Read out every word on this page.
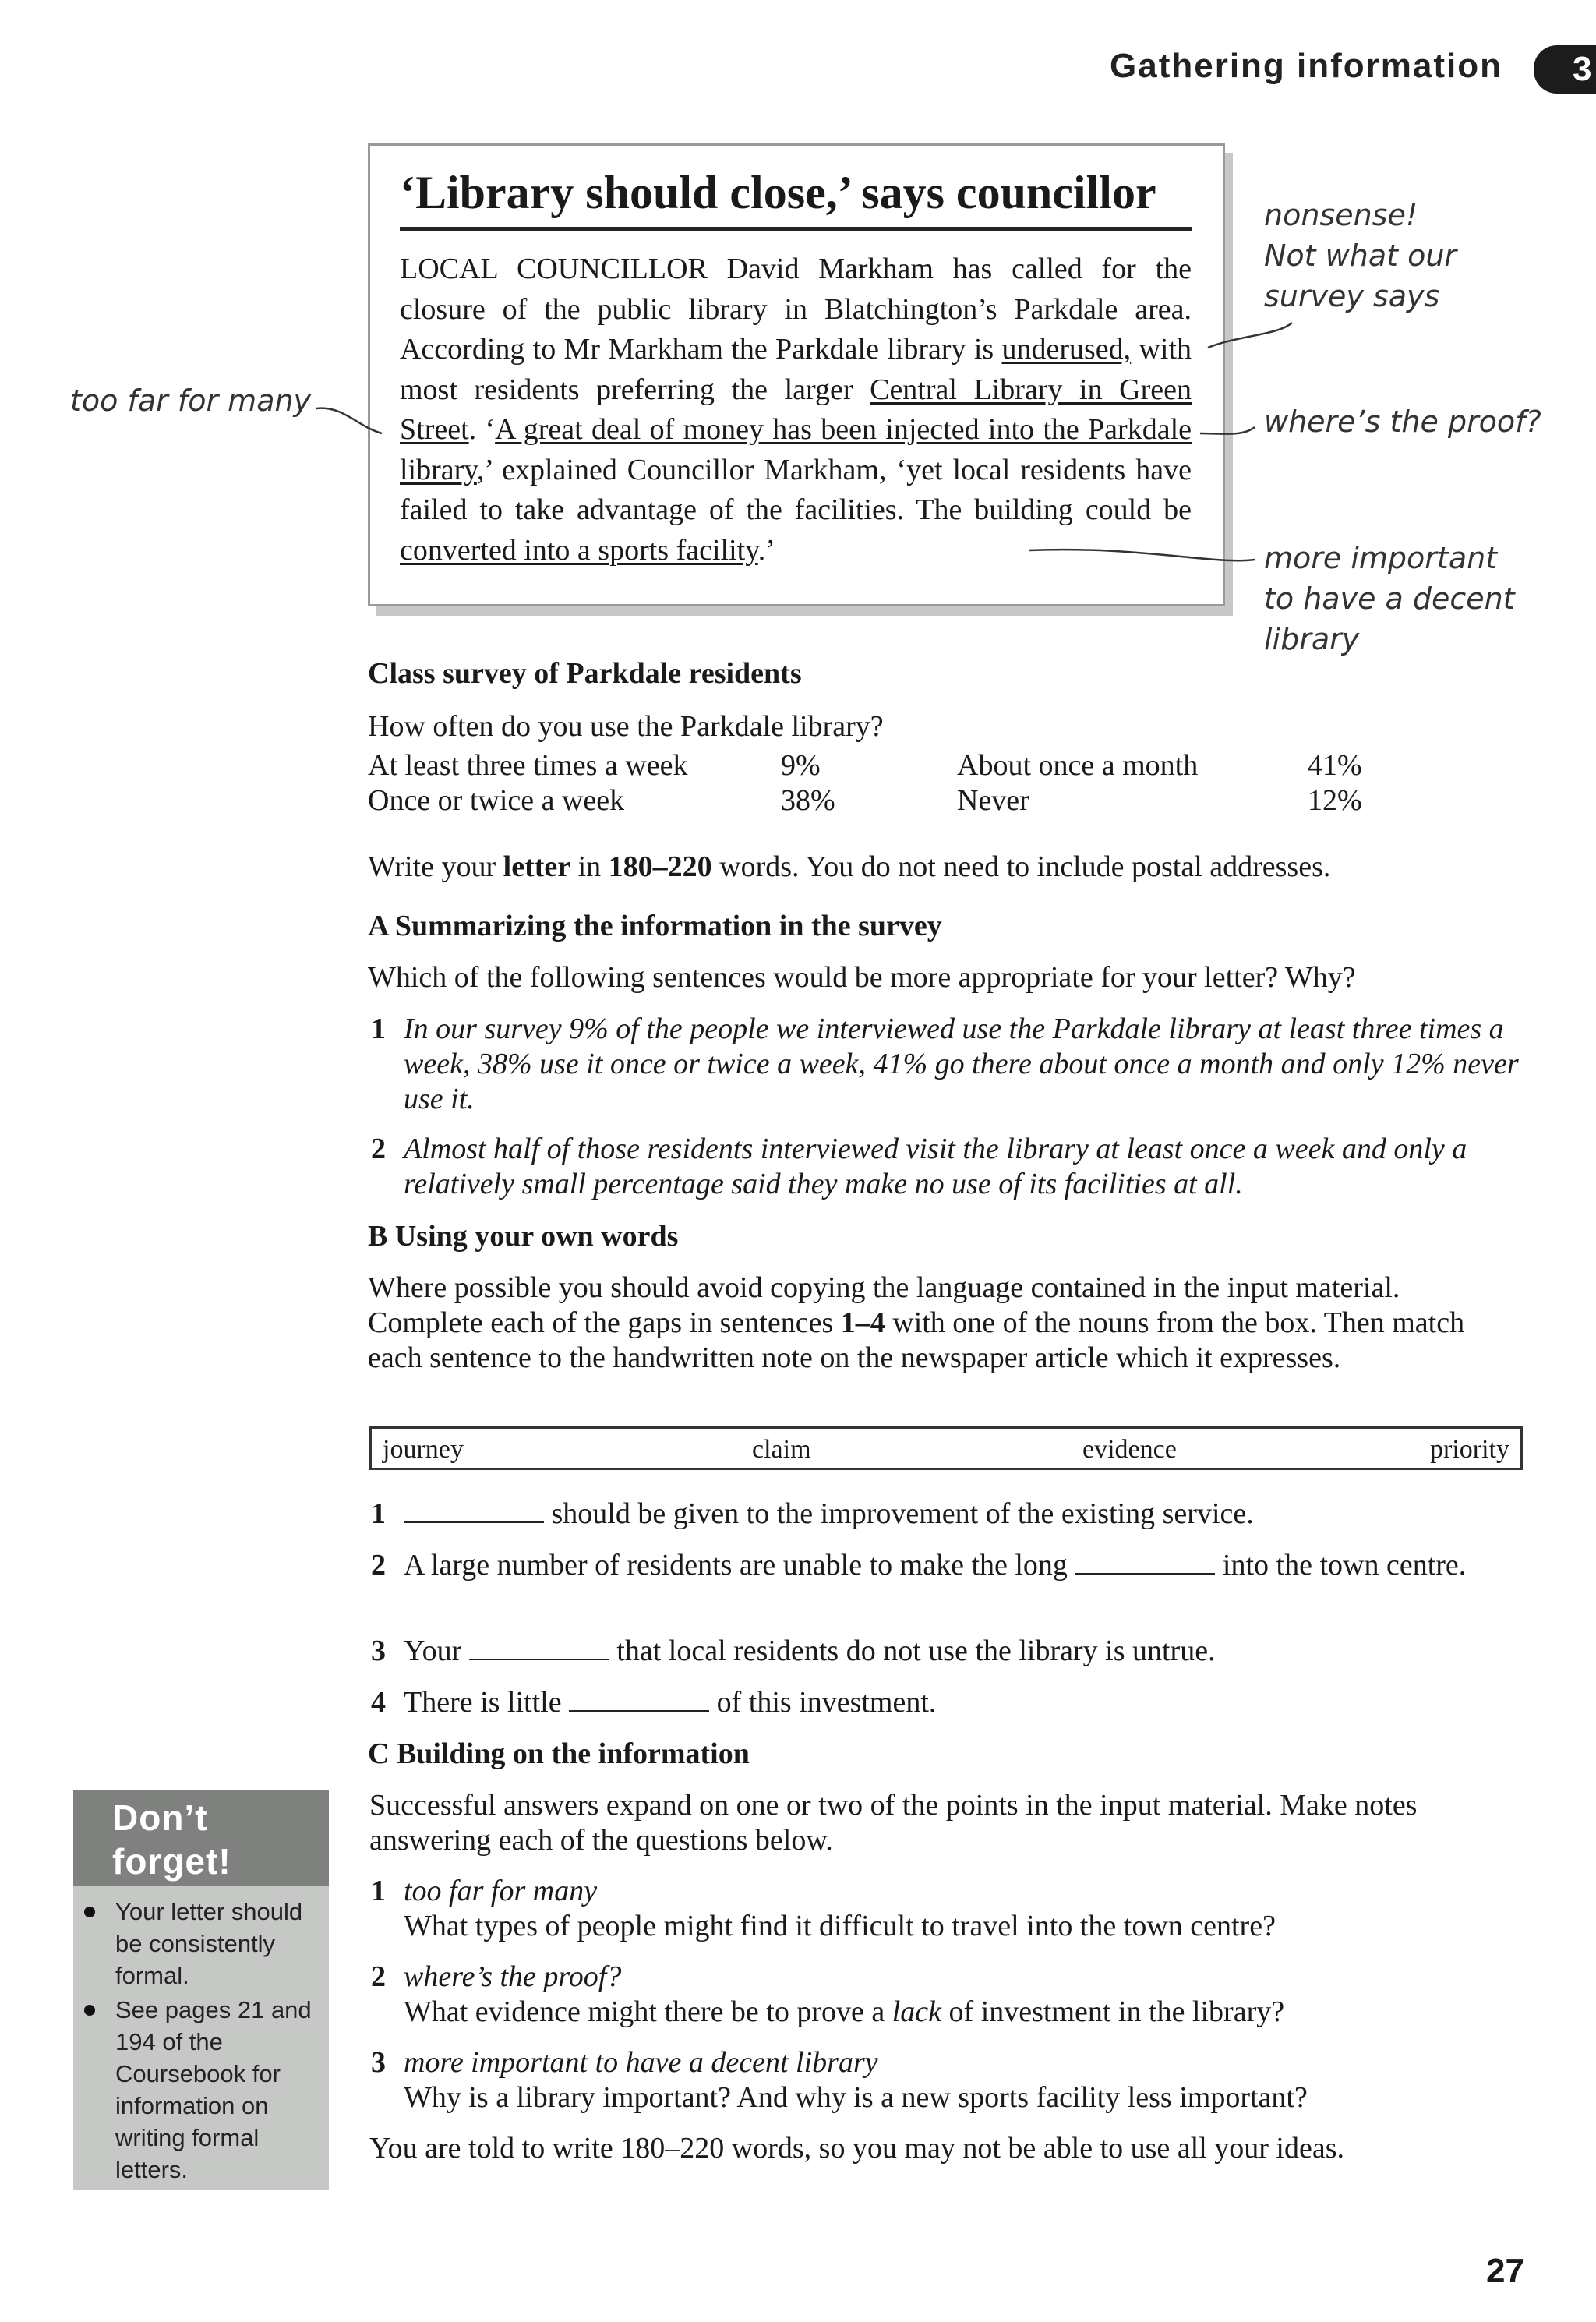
Gathering information	3
‘Library should close,’ says councillor
LOCAL COUNCILLOR David Markham has called for the closure of the public library in Blatchington’s Parkdale area. According to Mr Markham the Parkdale library is underused, with most residents preferring the larger Central Library in Green Street. ‘A great deal of money has been injected into the Parkdale library,’ explained Councillor Markham, ‘yet local residents have failed to take advantage of the facilities. The building could be converted into a sports facility.’
too far for many
nonsense!
Not what our
survey says
where’s the proof?
more important
to have a decent
library
Class survey of Parkdale residents
How often do you use the Parkdale library?
At least three times a week	9%	About once a month	41%
Once or twice a week	38%	Never	12%
Write your letter in 180–220 words. You do not need to include postal addresses.
A Summarizing the information in the survey
Which of the following sentences would be more appropriate for your letter? Why?
1 In our survey 9% of the people we interviewed use the Parkdale library at least three times a week, 38% use it once or twice a week, 41% go there about once a month and only 12% never use it.
2 Almost half of those residents interviewed visit the library at least once a week and only a relatively small percentage said they make no use of its facilities at all.
B Using your own words
Where possible you should avoid copying the language contained in the input material. Complete each of the gaps in sentences 1–4 with one of the nouns from the box. Then match each sentence to the handwritten note on the newspaper article which it expresses.
journey	claim	evidence	priority
1	should be given to the improvement of the existing service.
2 A large number of residents are unable to make the long	into the town centre.
3 Your	that local residents do not use the library is untrue.
4 There is little	of this investment.
C Building on the information
Successful answers expand on one or two of the points in the input material. Make notes answering each of the questions below.
1 too far for many
What types of people might find it difficult to travel into the town centre?
2 where’s the proof?
What evidence might there be to prove a lack of investment in the library?
3 more important to have a decent library
Why is a library important? And why is a new sports facility less important?
You are told to write 180–220 words, so you may not be able to use all your ideas.
Don’t
forget!
Your letter should be consistently formal.
See pages 21 and 194 of the Coursebook for information on writing formal letters.
27
